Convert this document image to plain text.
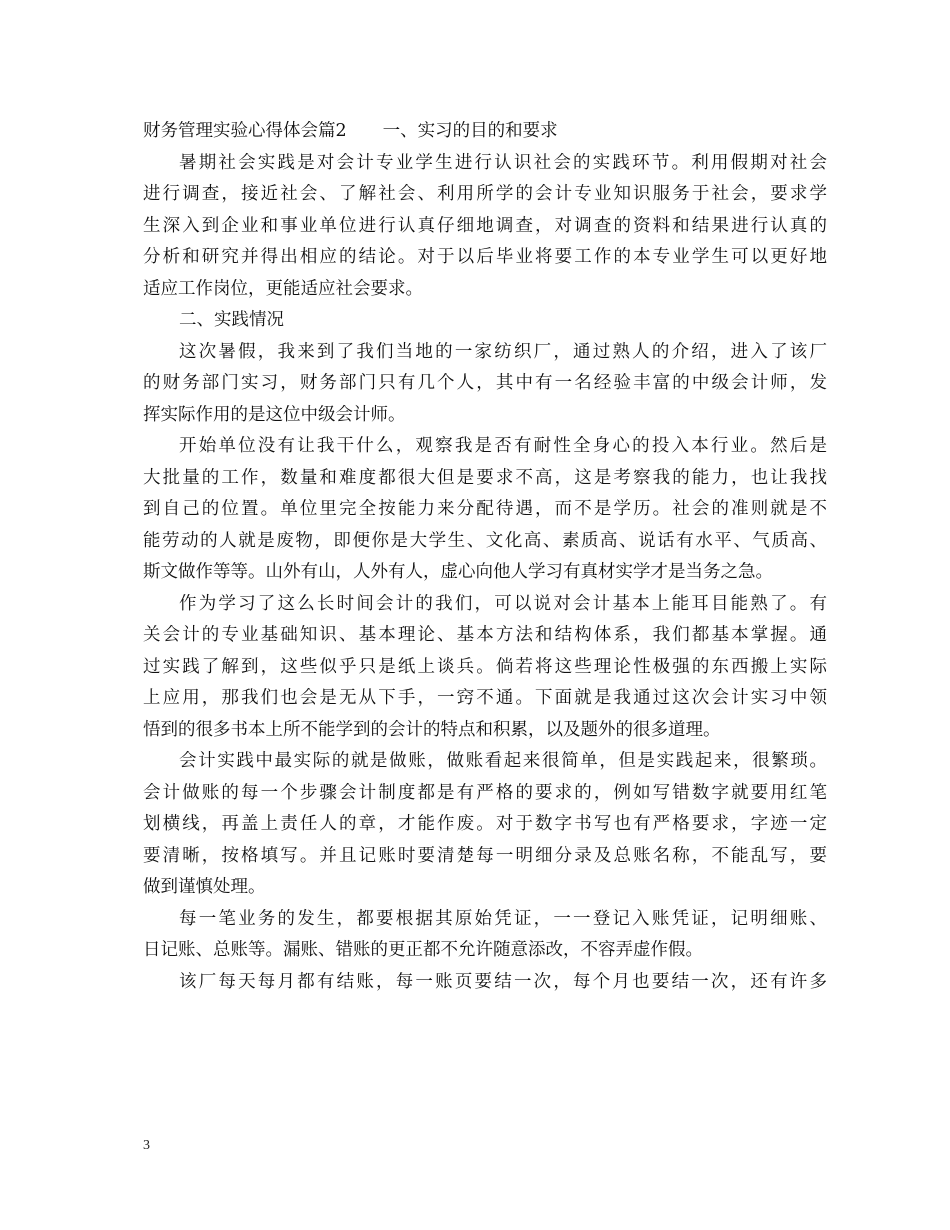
财务管理实验心得体会篇2 一、实习的目的和要求
暑期社会实践是对会计专业学生进行认识社会的实践环节。利用假期对社会
进行调查，接近社会、了解社会、利用所学的会计专业知识服务于社会，要求学
生深入到企业和事业单位进行认真仔细地调查，对调查的资料和结果进行认真的
分析和研究并得出相应的结论。对于以后毕业将要工作的本专业学生可以更好地
适应工作岗位，更能适应社会要求。
二、实践情况
这次暑假，我来到了我们当地的一家纺织厂，通过熟人的介绍，进入了该厂
的财务部门实习，财务部门只有几个人，其中有一名经验丰富的中级会计师，发
挥实际作用的是这位中级会计师。
开始单位没有让我干什么，观察我是否有耐性全身心的投入本行业。然后是
大批量的工作，数量和难度都很大但是要求不高，这是考察我的能力，也让我找
到自己的位置。单位里完全按能力来分配待遇，而不是学历。社会的准则就是不
能劳动的人就是废物，即便你是大学生、文化高、素质高、说话有水平、气质高、
斯文做作等等。山外有山，人外有人，虚心向他人学习有真材实学才是当务之急。
作为学习了这么长时间会计的我们，可以说对会计基本上能耳目能熟了。有
关会计的专业基础知识、基本理论、基本方法和结构体系，我们都基本掌握。通
过实践了解到，这些似乎只是纸上谈兵。倘若将这些理论性极强的东西搬上实际
上应用，那我们也会是无从下手，一窍不通。下面就是我通过这次会计实习中领
悟到的很多书本上所不能学到的会计的特点和积累，以及题外的很多道理。
会计实践中最实际的就是做账，做账看起来很简单，但是实践起来，很繁琐。
会计做账的每一个步骤会计制度都是有严格的要求的，例如写错数字就要用红笔
划横线，再盖上责任人的章，才能作废。对于数字书写也有严格要求，字迹一定
要清晰，按格填写。并且记账时要清楚每一明细分录及总账名称，不能乱写，要
做到谨慎处理。
每一笔业务的发生，都要根据其原始凭证，一一登记入账凭证，记明细账、
日记账、总账等。漏账、错账的更正都不允许随意添改，不容弄虚作假。
该厂每天每月都有结账，每一账页要结一次，每个月也要结一次，还有许多
3
